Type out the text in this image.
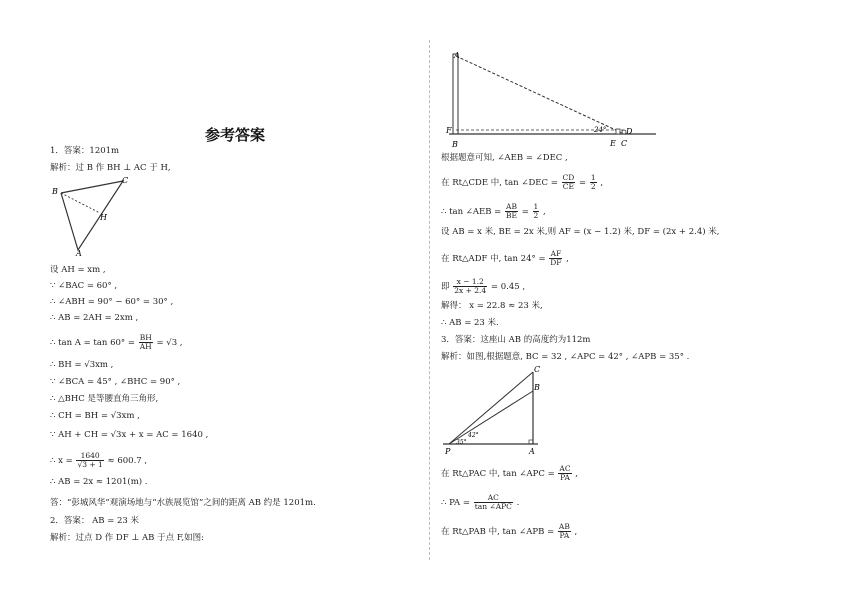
参考答案
1．答案：1201m
解析：过 B 作 BH ⊥ AC 于 H,
B
C
H
A
设 AH = xm ,
∵ ∠BAC = 60° ,
∴ ∠ABH = 90° − 60° = 30° ,
∴ AB = 2AH = 2xm ,
∴ $\tan A = \tan 60^\circ = \frac{BH}{AH} = √3$ ,
∴ BH = √3xm ,
∵ ∠BCA = 45° , ∠BHC = 90° ,
∴ △BHC 是等腰直角三角形,
∴ CH = BH = √3xm ,
∵ AH + CH = √3x + x = AC = 1640 ,
∴ $x = \frac{1640}{√3 + 1} \approx 600.7$ ,
∴ AB = 2x ≈ 1201(m) .
答：“彭城风华”观演场地与“水族展览馆”之间的距离 AB 约是 1201m.
2．答案： AB = 23 米
解析：过点 D 作 DF ⊥ AB 于点 F,如图:
A
F
B	E C
D
24°
根据题意可知, ∠AEB = ∠DEC ,
在 Rt△CDE 中, tan ∠DEC = $\frac{CD}{CE} = \frac{1}{2}$ ,
∴ tan ∠AEB = $\frac{AB}{BE} = \frac{1}{2}$ ,
设 AB = x 米, BE = 2x 米,则 AF = (x − 1.2) 米, DF = (2x + 2.4) 米,
在 Rt△ADF 中, $\tan 24^\circ = \frac{AF}{DF}$ ,
即 $\frac{x - 1.2}{2x + 2.4} = 0.45$ ,
解得： x = 22.8 ≈ 23 米,
∴ AB = 23 米.
3．答案：这座山 AB 的高度约为112m
解析：如图,根据题意, BC = 32 , ∠APC = 42° , ∠APB = 35° .
C
B
P	A
35°
42°
在 Rt△PAC 中, tan ∠APC = $\frac{AC}{PA}$ ,
∴ PA = $\frac{AC}{\text{tan ∠APC}}$ .
在 Rt△PAB 中, tan ∠APB = $\frac{AB}{PA}$ ,
